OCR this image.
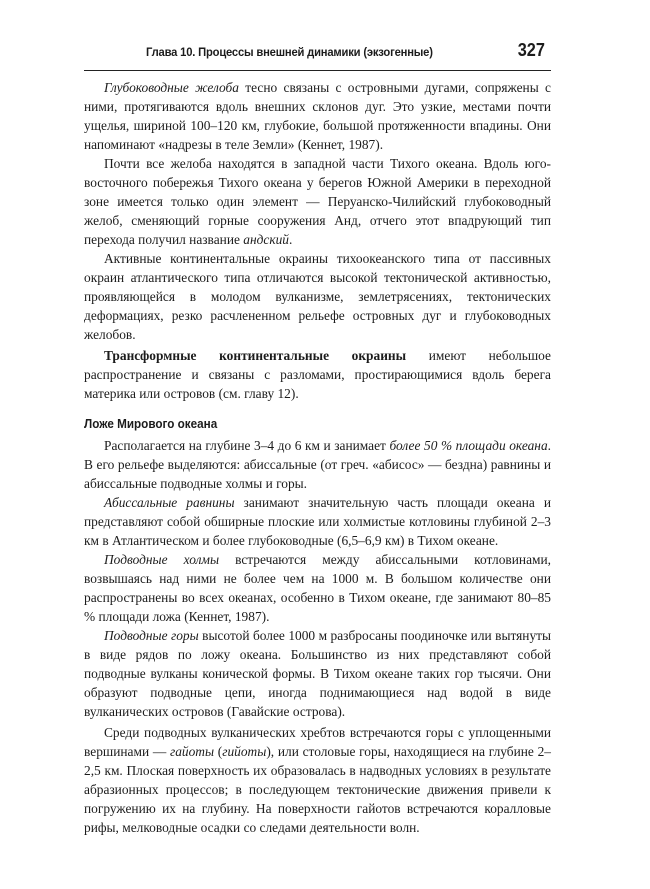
Глава 10. Процессы внешней динамики (экзогенные)	327

Глубоководные желоба тесно связаны с островными дугами, сопряжены с ними, протягиваются вдоль внешних склонов дуг. Это узкие, местами почти ущелья, шириной 100–120 км, глубокие, большой протяженности впадины. Они напоминают «надрезы в теле Земли» (Кеннет, 1987).

Почти все желоба находятся в западной части Тихого океана. Вдоль юго-восточного побережья Тихого океана у берегов Южной Америки в переходной зоне имеется только один элемент — Перуанско-Чилийский глубоководный желоб, сменяющий горные сооружения Анд, отчего этот впадрующий тип перехода получил название андский.

Активные континентальные окраины тихоокеанского типа от пассивных окраин атлантического типа отличаются высокой тектонической активностью, проявляющейся в молодом вулканизме, землетрясениях, тектонических деформациях, резко расчлененном рельефе островных дуг и глубоководных желобов.

Трансформные континентальные окраины имеют небольшое распространение и связаны с разломами, простирающимися вдоль берега материка или островов (см. главу 12).

Ложе Мирового океана

Располагается на глубине 3–4 до 6 км и занимает более 50 % площади океана. В его рельефе выделяются: абиссальные (от греч. «абисос» — бездна) равнины и абиссальные подводные холмы и горы.

Абиссальные равнины занимают значительную часть площади океана и представляют собой обширные плоские или холмистые котловины глубиной 2–3 км в Атлантическом и более глубоководные (6,5–6,9 км) в Тихом океане.

Подводные холмы встречаются между абиссальными котловинами, возвышаясь над ними не более чем на 1000 м. В большом количестве они распространены во всех океанах, особенно в Тихом океане, где занимают 80–85 % площади ложа (Кеннет, 1987).

Подводные горы высотой более 1000 м разбросаны поодиночке или вытянуты в виде рядов по ложу океана. Большинство из них представляют собой подводные вулканы конической формы. В Тихом океане таких гор тысячи. Они образуют подводные цепи, иногда поднимающиеся над водой в виде вулканических островов (Гавайские острова).

Среди подводных вулканических хребтов встречаются горы с уплощенными вершинами — гайоты (гийоты), или столовые горы, находящиеся на глубине 2–2,5 км. Плоская поверхность их образовалась в надводных условиях в результате абразионных процессов; в последующем тектонические движения привели к погружению их на глубину. На поверхности гайотов встречаются коралловые рифы, мелководные осадки со следами деятельности волн.
